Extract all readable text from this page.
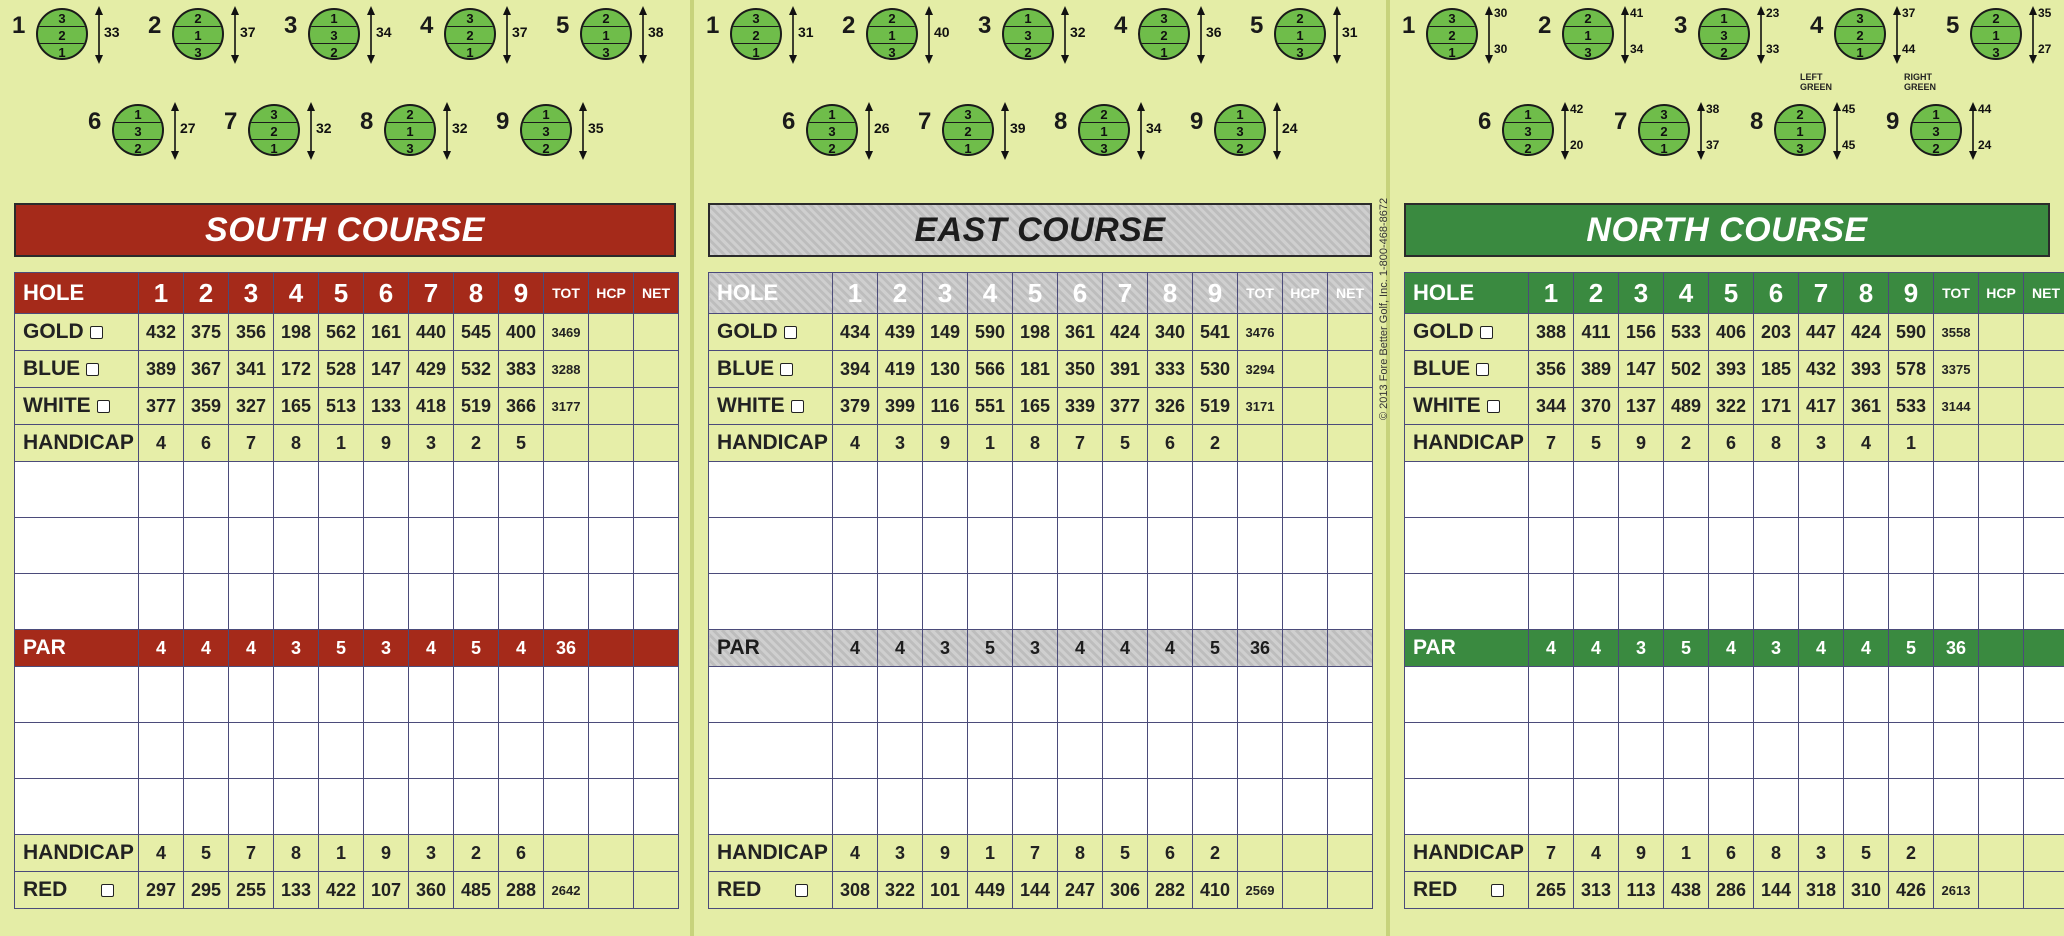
1	3
2
1
33 2	2
1
3
37 3	1
3
2
34 4	3
2
1
37 5	2
1
3
38
6	1
3
2
27 7	3
2
1
32 8	2
1
3
32 9	1
3
2
35
SOUTH COURSE
HOLE	1	2	3	4	5	6	7	8	9	TOT	HCP	NET
GOLD	432	375	356	198	562	161	440	545	400	3469		
BLUE	389	367	341	172	528	147	429	532	383	3288		
WHITE	377	359	327	165	513	133	418	519	366	3177		
HANDICAP	4	6	7	8	1	9	3	2	5			

PAR	4	4	4	3	5	3	4	5	4	36		

HANDICAP	4	5	7	8	1	9	3	2	6			
RED	297	295	255	133	422	107	360	485	288	2642		
1	3
2
1
31 2	2
1
3
40 3	1
3
2
32 4	3
2
1
36 5	2
1
3
31
6	1
3
2
26 7	3
2
1
39 8	2
1
3
34 9	1
3
2
24
EAST COURSE
HOLE	1	2	3	4	5	6	7	8	9	TOT	HCP	NET
GOLD	434	439	149	590	198	361	424	340	541	3476		
BLUE	394	419	130	566	181	350	391	333	530	3294		
WHITE	379	399	116	551	165	339	377	326	519	3171		
HANDICAP	4	3	9	1	8	7	5	6	2			

PAR	4	4	3	5	3	4	4	4	5	36		

HANDICAP	4	3	9	1	7	8	5	6	2			
RED	308	322	101	449	144	247	306	282	410	2569		
1	3
2
1
30
30
2	2
1
3
41
34
3	1
3
2
23
33
4	3
2
1
37
44
5	2
1
3
35
27
6	1
3
2
42
20
7	3
2
1
38
37
8	2
1
3
45
45
9	1
3
2
44
24
LEFT GREEN
RIGHT GREEN
NORTH COURSE
HOLE	1	2	3	4	5	6	7	8	9	TOT	HCP	NET
GOLD	388	411	156	533	406	203	447	424	590	3558		
BLUE	356	389	147	502	393	185	432	393	578	3375		
WHITE	344	370	137	489	322	171	417	361	533	3144		
HANDICAP	7	5	9	2	6	8	3	4	1			

PAR	4	4	3	5	4	3	4	4	5	36		

HANDICAP	7	4	9	1	6	8	3	5	2			
RED	265	313	113	438	286	144	318	310	426	2613		
© 2013 Fore Better Golf, Inc. 1-800-468-8672
